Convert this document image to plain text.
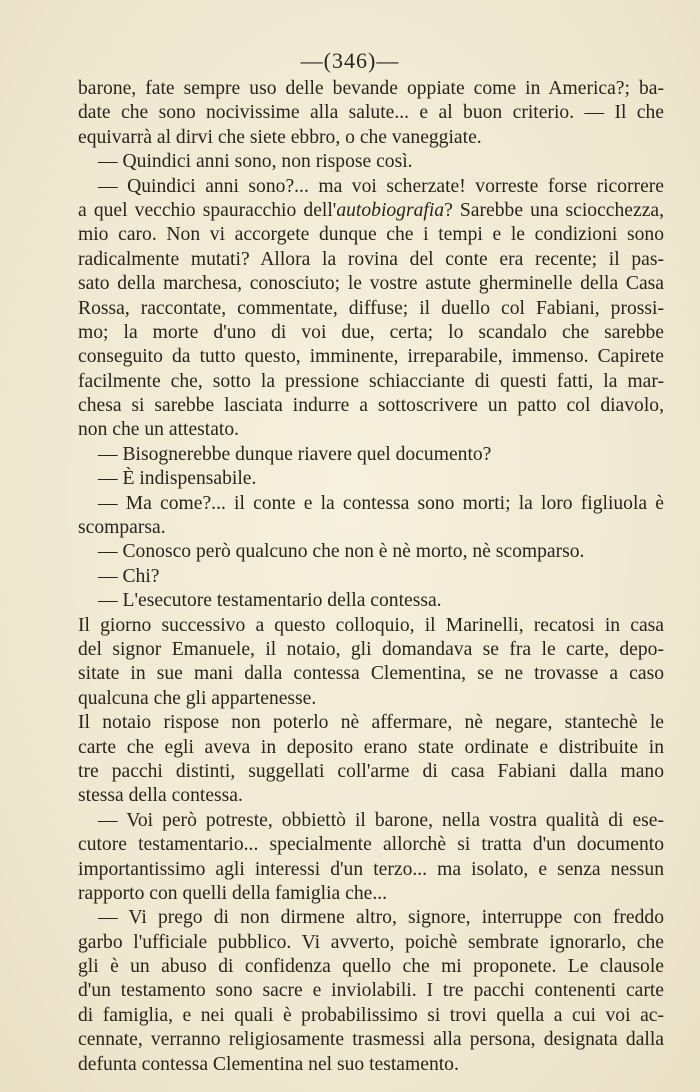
—(346)—
barone, fate sempre uso delle bevande oppiate come in America?; ba-
date che sono nocivissime alla salute... e al buon criterio. — Il che
equivarrà al dirvi che siete ebbro, o che vaneggiate.
— Quindici anni sono, non rispose così.
— Quindici anni sono?... ma voi scherzate! vorreste forse ricorrere
a quel vecchio spauracchio dell'autobiografia? Sarebbe una sciocchezza,
mio caro. Non vi accorgete dunque che i tempi e le condizioni sono
radicalmente mutati? Allora la rovina del conte era recente; il pas-
sato della marchesa, conosciuto; le vostre astute gherminelle della Casa
Rossa, raccontate, commentate, diffuse; il duello col Fabiani, prossi-
mo; la morte d'uno di voi due, certa; lo scandalo che sarebbe
conseguito da tutto questo, imminente, irreparabile, immenso. Capirete
facilmente che, sotto la pressione schiacciante di questi fatti, la mar-
chesa si sarebbe lasciata indurre a sottoscrivere un patto col diavolo,
non che un attestato.
— Bisognerebbe dunque riavere quel documento?
— È indispensabile.
— Ma come?... il conte e la contessa sono morti; la loro figliuola è
scomparsa.
— Conosco però qualcuno che non è nè morto, nè scomparso.
— Chi?
— L'esecutore testamentario della contessa.
Il giorno successivo a questo colloquio, il Marinelli, recatosi in casa
del signor Emanuele, il notaio, gli domandava se fra le carte, depo-
sitate in sue mani dalla contessa Clementina, se ne trovasse a caso
qualcuna che gli appartenesse.
Il notaio rispose non poterlo nè affermare, nè negare, stantechè le
carte che egli aveva in deposito erano state ordinate e distribuite in
tre pacchi distinti, suggellati coll'arme di casa Fabiani dalla mano
stessa della contessa.
— Voi però potreste, obbiettò il barone, nella vostra qualità di ese-
cutore testamentario... specialmente allorchè si tratta d'un documento
importantissimo agli interessi d'un terzo... ma isolato, e senza nessun
rapporto con quelli della famiglia che...
— Vi prego di non dirmene altro, signore, interruppe con freddo
garbo l'ufficiale pubblico. Vi avverto, poichè sembrate ignorarlo, che
gli è un abuso di confidenza quello che mi proponete. Le clausole
d'un testamento sono sacre e inviolabili. I tre pacchi contenenti carte
di famiglia, e nei quali è probabilissimo si trovi quella a cui voi ac-
cennate, verranno religiosamente trasmessi alla persona, designata dalla
defunta contessa Clementina nel suo testamento.
